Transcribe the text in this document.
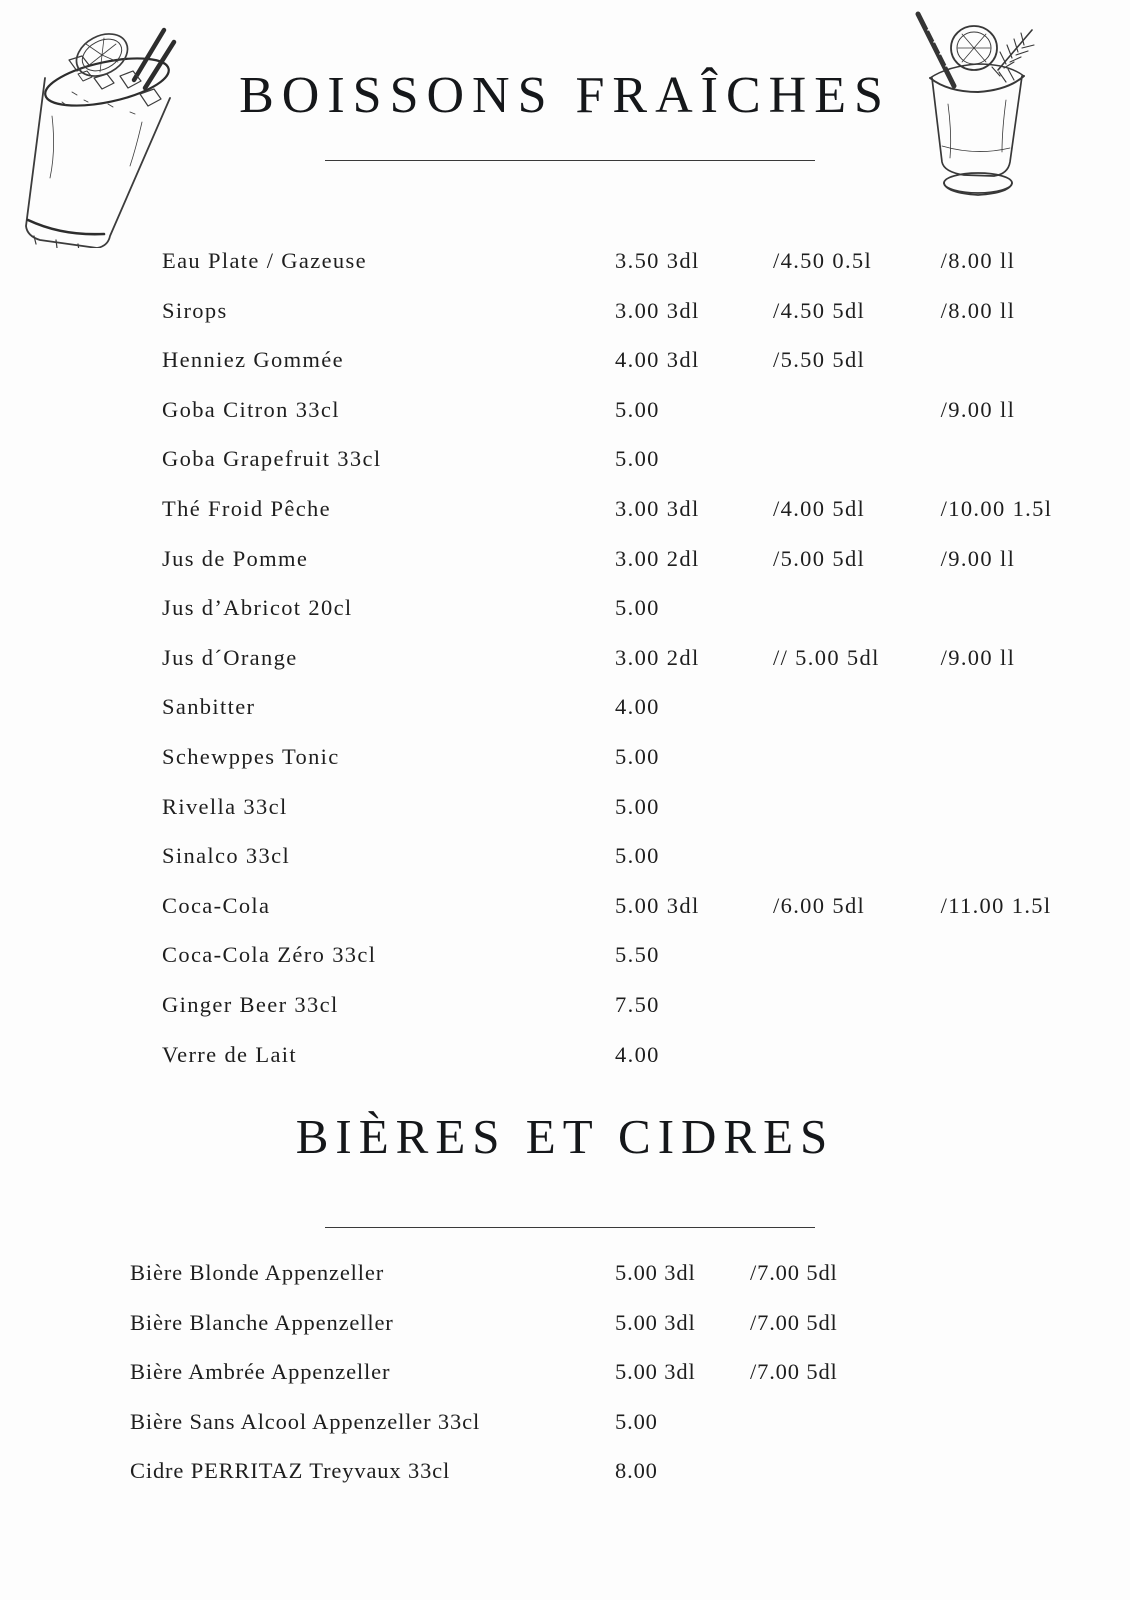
BOISSONS FRAÎCHES
Eau Plate / Gazeuse	3.50 3dl	/	4.50 0.5l	/	8.00 ll
Sirops	3.00 3dl	/	4.50 5dl	/	8.00 ll
Henniez Gommée	4.00 3dl	/	5.50 5dl		
Goba Citron 33cl	5.00			/	9.00 ll
Goba Grapefruit 33cl	5.00				
Thé Froid Pêche	3.00 3dl	/	4.00 5dl	/	10.00 1.5l
Jus de Pomme	3.00 2dl	/	5.00 5dl	/	9.00 ll
Jus d’Abricot 20cl	5.00				
Jus d´Orange	3.00 2dl	/	/ 5.00 5dl	/	9.00 ll
Sanbitter	4.00				
Schewppes Tonic	5.00				
Rivella 33cl	5.00				
Sinalco 33cl	5.00				
Coca-Cola	5.00 3dl	/	6.00 5dl	/	11.00 1.5l
Coca-Cola Zéro 33cl	5.50				
Ginger Beer 33cl	7.50				
Verre de Lait	4.00				
BIÈRES ET CIDRES
Bière Blonde Appenzeller	5.00 3dl	/	7.00 5dl		
Bière Blanche Appenzeller	5.00 3dl	/	7.00 5dl		
Bière Ambrée Appenzeller	5.00 3dl	/	7.00 5dl		
Bière Sans Alcool Appenzeller 33cl	5.00				
Cidre PERRITAZ Treyvaux 33cl	8.00				
